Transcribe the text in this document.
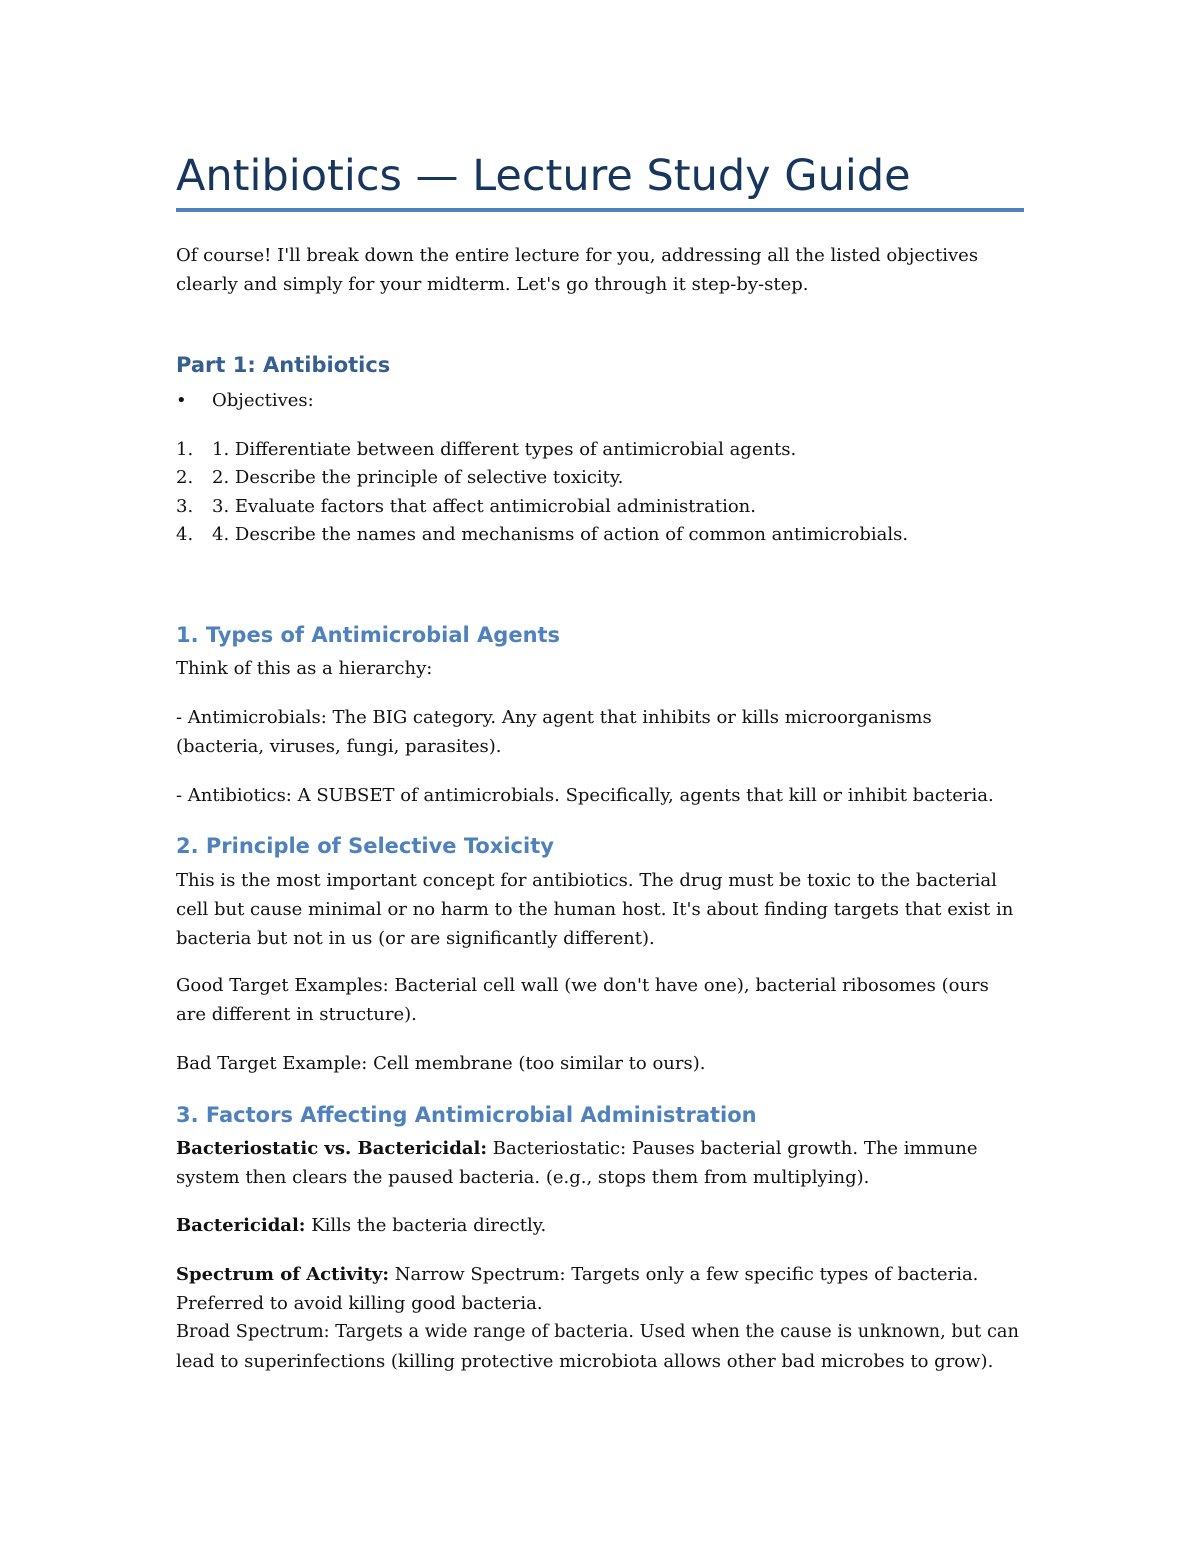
Antibiotics — Lecture Study Guide

Of course! I'll break down the entire lecture for you, addressing all the listed objectives

clearly and simply for your midterm. Let's go through it step-by-step.

Part 1: Antibiotics
•	Objectives:
1. 1. Differentiate between different types of antimicrobial agents.
2. 2. Describe the principle of selective toxicity.
3. 3. Evaluate factors that affect antimicrobial administration.
4. 4. Describe the names and mechanisms of action of common antimicrobials.
1. Types of Antimicrobial Agents

Think of this as a hierarchy:

- Antimicrobials: The BIG category. Any agent that inhibits or kills microorganisms

(bacteria, viruses, fungi, parasites).

- Antibiotics: A SUBSET of antimicrobials. Specifically, agents that kill or inhibit bacteria.

2. Principle of Selective Toxicity

This is the most important concept for antibiotics. The drug must be toxic to the bacterial

cell but cause minimal or no harm to the human host. It's about finding targets that exist in

bacteria but not in us (or are significantly different).

Good Target Examples: Bacterial cell wall (we don't have one), bacterial ribosomes (ours

are different in structure).

Bad Target Example: Cell membrane (too similar to ours).

3. Factors Affecting Antimicrobial Administration

Bacteriostatic vs. Bactericidal: Bacteriostatic: Pauses bacterial growth. The immune

system then clears the paused bacteria. (e.g., stops them from multiplying).

Bactericidal: Kills the bacteria directly.

Spectrum of Activity: Narrow Spectrum: Targets only a few specific types of bacteria.

Preferred to avoid killing good bacteria.

Broad Spectrum: Targets a wide range of bacteria. Used when the cause is unknown, but can

lead to superinfections (killing protective microbiota allows other bad microbes to grow).
